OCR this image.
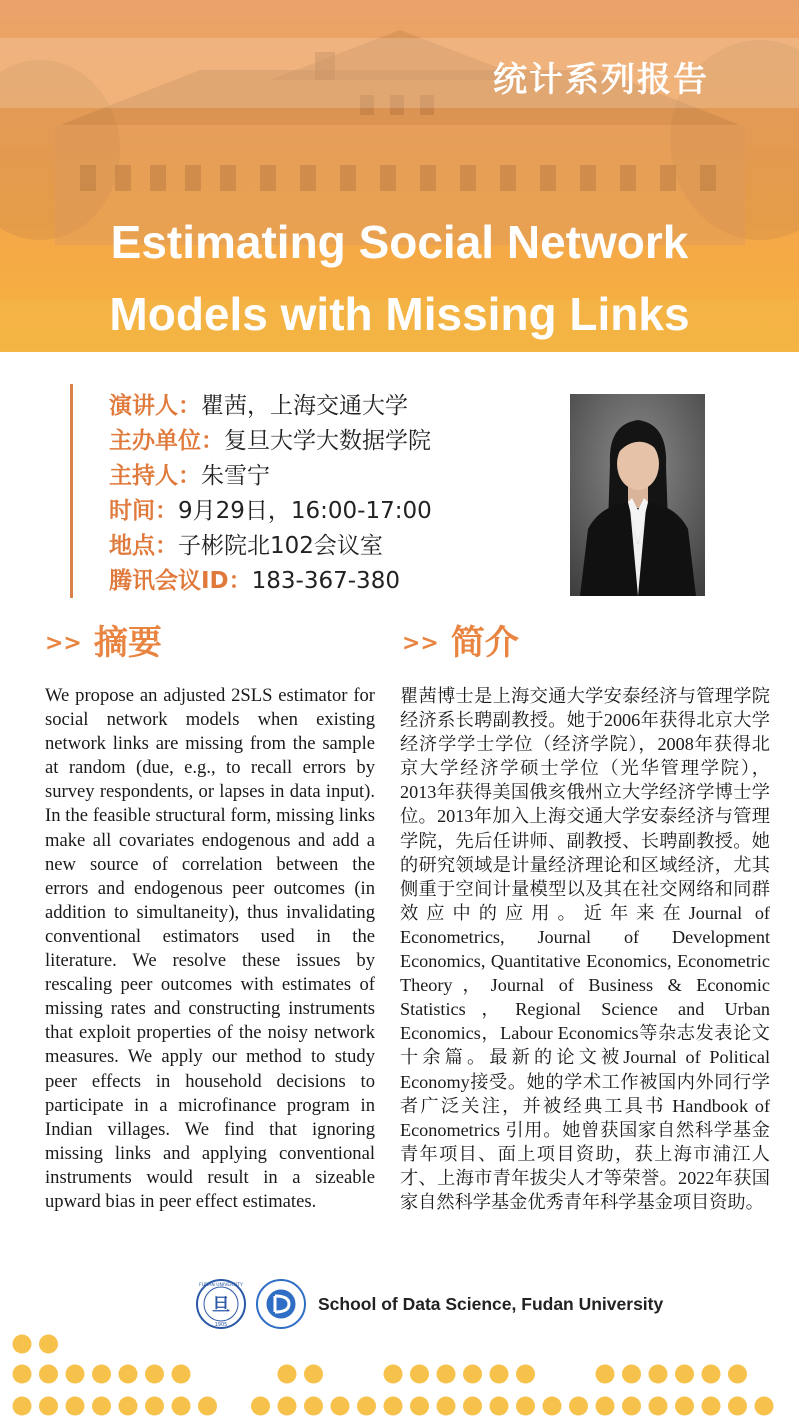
统计系列报告
Estimating Social Network
Models with Missing Links
演讲人：瞿茜，上海交通大学
主办单位：复旦大学大数据学院
主持人：朱雪宁
时间：9月29日，16:00-17:00
地点：子彬院北102会议室
腾讯会议ID：183-367-380
>> 摘要	>> 简介

We propose an adjusted 2SLS estimator for social network models when existing network links are missing from the sample at random (due, e.g., to recall errors by survey respondents, or lapses in data input). In the feasible structural form, missing links make all covariates endogenous and add a new source of correlation between the errors and endogenous peer outcomes (in addition to simultaneity), thus invalidating conventional estimators used in the literature. We resolve these issues by rescaling peer outcomes with estimates of missing rates and constructing instruments that exploit properties of the noisy network measures. We apply our method to study peer effects in household decisions to participate in a microfinance program in Indian villages. We find that ignoring missing links and applying conventional instruments would result in a sizeable upward bias in peer effect estimates.

瞿茜博士是上海交通大学安泰经济与管理学院经济系长聘副教授。她于2006年获得北京大学经济学学士学位（经济学院），2008年获得北京大学经济学硕士学位（光华管理学院），2013年获得美国俄亥俄州立大学经济学博士学位。2013年加入上海交通大学安泰经济与管理学院，先后任讲师、副教授、长聘副教授。她的研究领域是计量经济理论和区域经济，尤其侧重于空间计量模型以及其在社交网络和同群效应中的应用。近年来在Journal of Econometrics, Journal of Development Economics, Quantitative Economics, Econometric Theory，Journal of Business & Economic Statistics，Regional Science and Urban Economics，Labour Economics等杂志发表论文十余篇。最新的论文被Journal of Political Economy接受。她的学术工作被国内外同行学者广泛关注，并被经典工具书 Handbook of Econometrics 引用。她曾获国家自然科学基金青年项目、面上项目资助，获上海市浦江人才、上海市青年拔尖人才等荣誉。2022年获国家自然科学基金优秀青年科学基金项目资助。

旦
FUDAN UNIVERSITY
1905
School of Data Science, Fudan University
